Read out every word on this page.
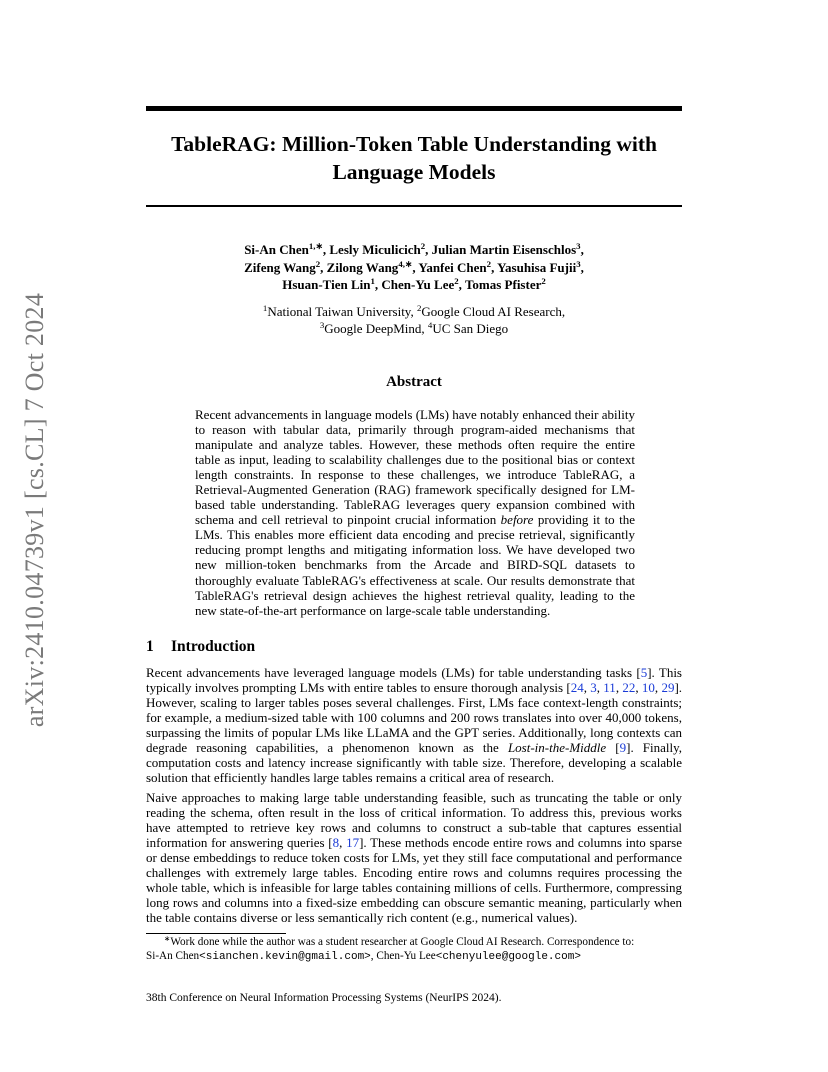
arXiv:2410.04739v1 [cs.CL] 7 Oct 2024
TableRAG: Million-Token Table Understanding with
Language Models
Si-An Chen$^{1,∗}$, Lesly Miculicich$^2$, Julian Martin Eisenschlos$^3$,
Zifeng Wang$^2$, Zilong Wang$^{4,∗}$, Yanfei Chen$^2$, Yasuhisa Fujii$^3$,
Hsuan-Tien Lin$^1$, Chen-Yu Lee$^2$, Tomas Pfister$^2$
$^1$National Taiwan University, $^2$Google Cloud AI Research,
$^3$Google DeepMind, $^4$UC San Diego
Abstract

Recent advancements in language models (LMs) have notably enhanced their ability to reason with tabular data, primarily through program-aided mechanisms that manipulate and analyze tables. However, these methods often require the entire table as input, leading to scalability challenges due to the positional bias or context length constraints. In response to these challenges, we introduce TableRAG, a Retrieval-Augmented Generation (RAG) framework specifically designed for LM-based table understanding. TableRAG leverages query expansion combined with schema and cell retrieval to pinpoint crucial information before providing it to the LMs. This enables more efficient data encoding and precise retrieval, significantly reducing prompt lengths and mitigating information loss. We have developed two new million-token benchmarks from the Arcade and BIRD-SQL datasets to thoroughly evaluate TableRAG's effectiveness at scale. Our results demonstrate that TableRAG's retrieval design achieves the highest retrieval quality, leading to the new state-of-the-art performance on large-scale table understanding.

1 Introduction

Recent advancements have leveraged language models (LMs) for table understanding tasks [5]. This typically involves prompting LMs with entire tables to ensure thorough analysis [24, 3, 11, 22, 10, 29]. However, scaling to larger tables poses several challenges. First, LMs face context-length constraints; for example, a medium-sized table with 100 columns and 200 rows translates into over 40,000 tokens, surpassing the limits of popular LMs like LLaMA and the GPT series. Additionally, long contexts can degrade reasoning capabilities, a phenomenon known as the Lost-in-the-Middle [9]. Finally, computation costs and latency increase significantly with table size. Therefore, developing a scalable solution that efficiently handles large tables remains a critical area of research.

Naive approaches to making large table understanding feasible, such as truncating the table or only reading the schema, often result in the loss of critical information. To address this, previous works have attempted to retrieve key rows and columns to construct a sub-table that captures essential information for answering queries [8, 17]. These methods encode entire rows and columns into sparse or dense embeddings to reduce token costs for LMs, yet they still face computational and performance challenges with extremely large tables. Encoding entire rows and columns requires processing the whole table, which is infeasible for large tables containing millions of cells. Furthermore, compressing long rows and columns into a fixed-size embedding can obscure semantic meaning, particularly when the table contains diverse or less semantically rich content (e.g., numerical values).

∗Work done while the author was a student researcher at Google Cloud AI Research. Correspondence to:
Si-An Chen<sianchen.kevin@gmail.com>, Chen-Yu Lee<chenyulee@google.com>

38th Conference on Neural Information Processing Systems (NeurIPS 2024).
